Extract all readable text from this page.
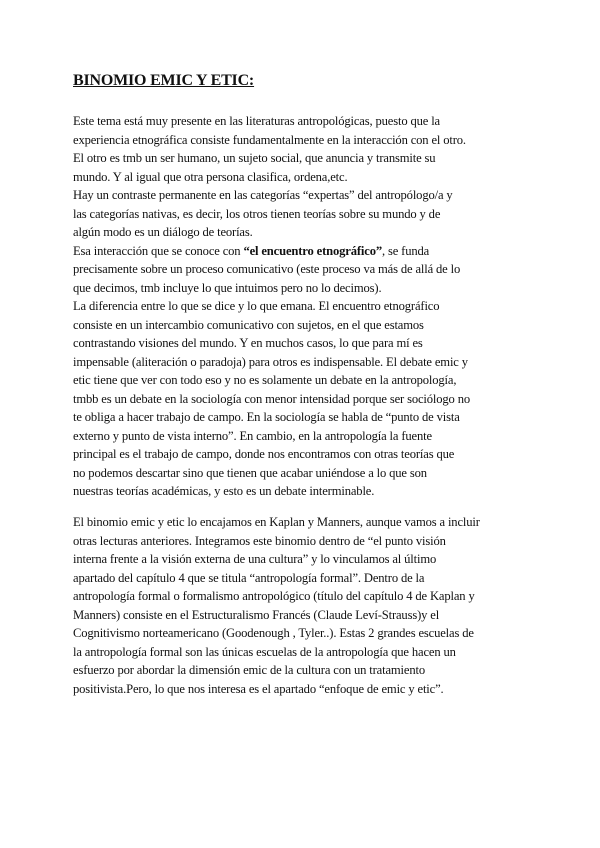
BINOMIO EMIC Y ETIC:
Este tema está muy presente en las literaturas antropológicas, puesto que la
experiencia etnográfica consiste fundamentalmente en la interacción con el otro.
El otro es tmb un ser humano, un sujeto social, que anuncia y transmite su
mundo. Y al igual que otra persona clasifica, ordena,etc.
Hay un contraste permanente en las categorías “expertas” del antropólogo/a y
las categorías nativas, es decir, los otros tienen teorías sobre su mundo y de
algún modo es un diálogo de teorías.
Esa interacción que se conoce con “el encuentro etnográfico”, se funda
precisamente sobre un proceso comunicativo (este proceso va más de allá de lo
que decimos, tmb incluye lo que intuimos pero no lo decimos).
La diferencia entre lo que se dice y lo que emana. El encuentro etnográfico
consiste en un intercambio comunicativo con sujetos, en el que estamos
contrastando visiones del mundo. Y en muchos casos, lo que para mí es
impensable (aliteración o paradoja) para otros es indispensable. El debate emic y
etic tiene que ver con todo eso y no es solamente un debate en la antropología,
tmbb es un debate en la sociología con menor intensidad porque ser sociólogo no
te obliga a hacer trabajo de campo. En la sociología se habla de “punto de vista
externo y punto de vista interno”. En cambio, en la antropología la fuente
principal es el trabajo de campo, donde nos encontramos con otras teorías que
no podemos descartar sino que tienen que acabar uniéndose a lo que son
nuestras teorías académicas, y esto es un debate interminable.
El binomio emic y etic lo encajamos en Kaplan y Manners, aunque vamos a incluir
otras lecturas anteriores. Integramos este binomio dentro de “el punto visión
interna frente a la visión externa de una cultura” y lo vinculamos al último
apartado del capítulo 4 que se titula “antropología formal”. Dentro de la
antropología formal o formalismo antropológico (título del capítulo 4 de Kaplan y
Manners) consiste en el Estructuralismo Francés (Claude Leví-Strauss)y el
Cognitivismo norteamericano (Goodenough , Tyler..). Estas 2 grandes escuelas de
la antropología formal son las únicas escuelas de la antropología que hacen un
esfuerzo por abordar la dimensión emic de la cultura con un tratamiento
positivista.Pero, lo que nos interesa es el apartado “enfoque de emic y etic”.
